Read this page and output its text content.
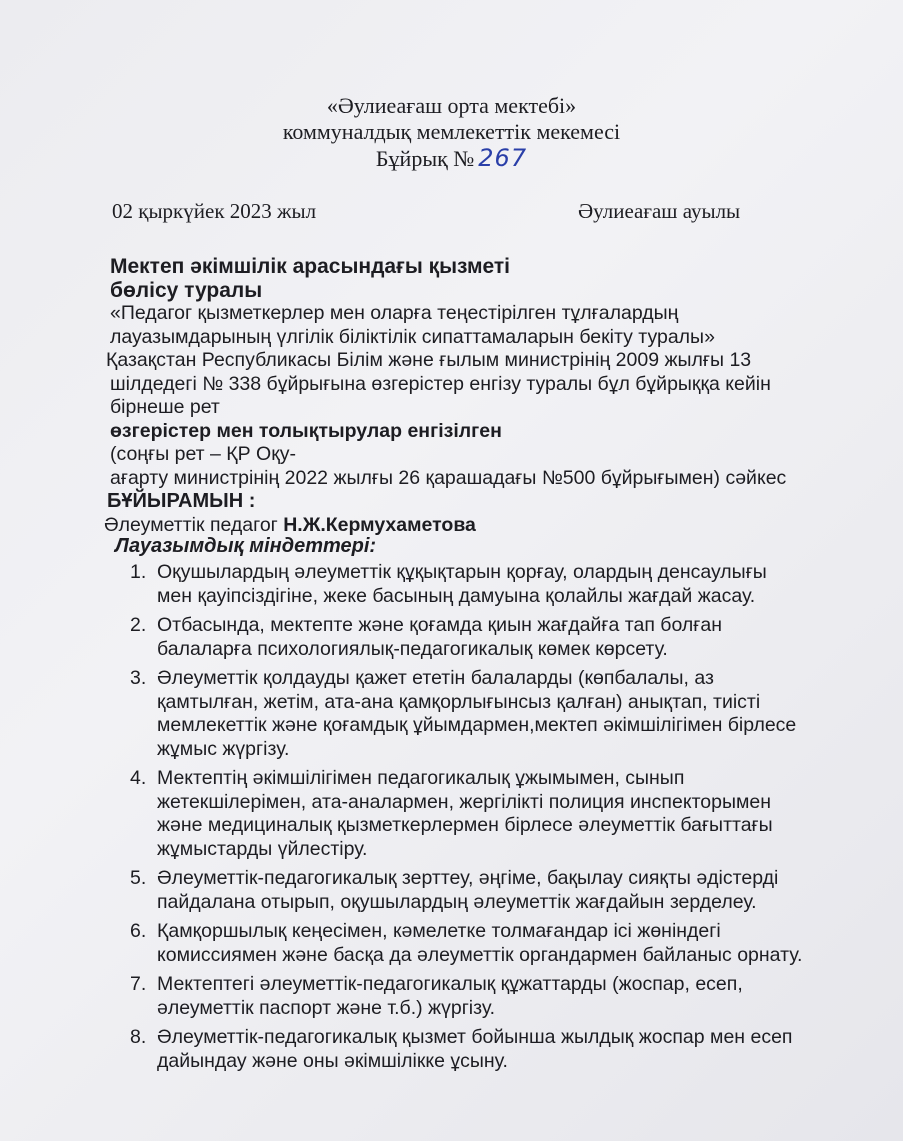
«Әулиеағаш орта мектебі»
коммуналдық мемлекеттік мекемесі
Бұйрық № 267
02 қыркүйек 2023 жыл	Әулиеағаш ауылы
Мектеп әкімшілік арасындағы қызметі
бөлісу туралы
«Педагог қызметкерлер мен оларға теңестірілген тұлғалардың
лауазымдарының үлгілік біліктілік сипаттамаларын бекіту туралы»
Қазақстан Республикасы Білім және ғылым министрінің 2009 жылғы 13
шілдедегі № 338 бұйрығына өзгерістер енгізу туралы бұл бұйрыққа кейін
бірнеше рет
өзгерістер мен толықтырулар енгізілген
(соңғы рет – ҚР Оқу-
ағарту министрінің 2022 жылғы 26 қарашадағы №500 бұйрығымен) сәйкес
БҰЙЫРАМЫН :
Әлеуметтік педагог Н.Ж.Кермухаметова
Лауазымдық міндеттері:
1. Оқушылардың әлеуметтік құқықтарын қорғау, олардың денсаулығы
мен қауіпсіздігіне, жеке басының дамуына қолайлы жағдай жасау.
2. Отбасында, мектепте және қоғамда қиын жағдайға тап болған
балаларға психологиялық-педагогикалық көмек көрсету.
3. Әлеуметтік қолдауды қажет ететін балаларды (көпбалалы, аз
қамтылған, жетім, ата-ана қамқорлығынсыз қалған) анықтап, тиісті
мемлекеттік және қоғамдық ұйымдармен,мектеп әкімшілігімен бірлесе
жұмыс жүргізу.
4. Мектептің әкімшілігімен педагогикалық ұжымымен, сынып
жетекшілерімен, ата-аналармен, жергілікті полиция инспекторымен
және медициналық қызметкерлермен бірлесе әлеуметтік бағыттағы
жұмыстарды үйлестіру.
5. Әлеуметтік-педагогикалық зерттеу, әңгіме, бақылау сияқты әдістерді
пайдалана отырып, оқушылардың әлеуметтік жағдайын зерделеу.
6. Қамқоршылық кеңесімен, кәмелетке толмағандар ісі жөніндегі
комиссиямен және басқа да әлеуметтік органдармен байланыс орнату.
7. Мектептегі әлеуметтік-педагогикалық құжаттарды (жоспар, есеп,
әлеуметтік паспорт және т.б.) жүргізу.
8. Әлеуметтік-педагогикалық қызмет бойынша жылдық жоспар мен есеп
дайындау және оны әкімшілікке ұсыну.
